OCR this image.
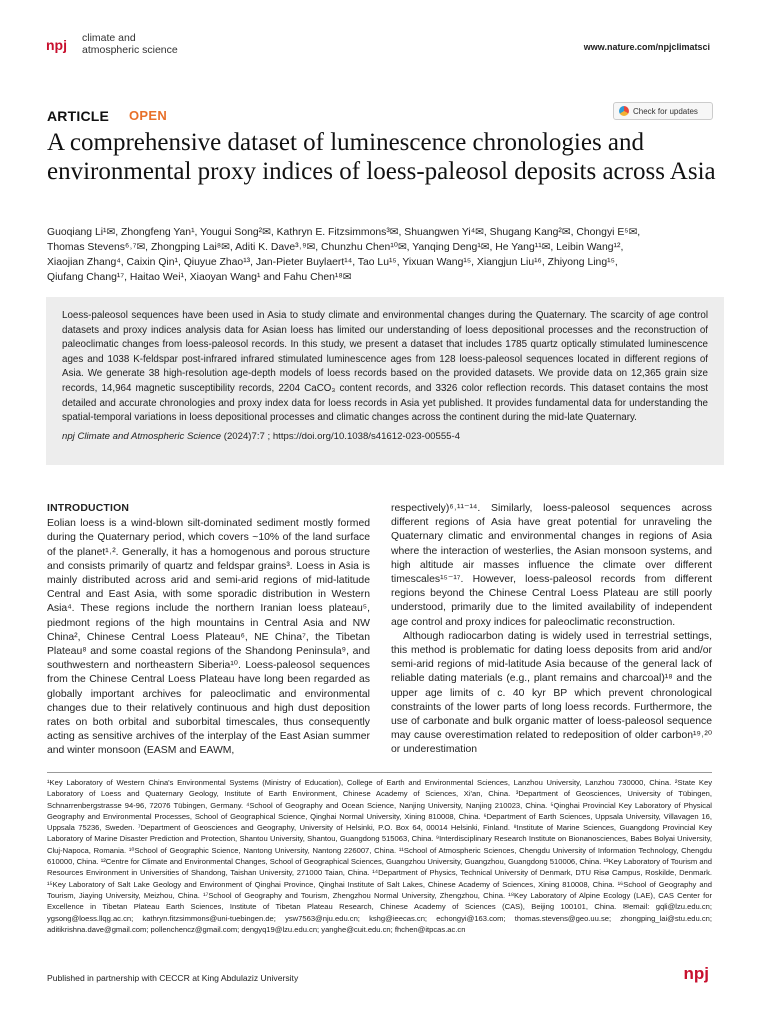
npj climate and
atmospheric science	www.nature.com/npjclimatsci
ARTICLE OPEN	Check for updates
A comprehensive dataset of luminescence chronologies and environmental proxy indices of loess-paleosol deposits across Asia
Guoqiang Li¹✉, Zhongfeng Yan¹, Yougui Song²✉, Kathryn E. Fitzsimmons³✉, Shuangwen Yi⁴✉, Shugang Kang²✉, Chongyi E⁵✉,
Thomas Stevens⁶˒⁷✉, Zhongping Lai⁸✉, Aditi K. Dave³˒⁹✉, Chunzhu Chen¹⁰✉, Yanqing Deng¹✉, He Yang¹¹✉, Leibin Wang¹²,
Xiaojian Zhang⁴, Caixin Qin¹, Qiuyue Zhao¹³, Jan-Pieter Buylaert¹⁴, Tao Lu¹⁵, Yixuan Wang¹⁵, Xiangjun Liu¹⁶, Zhiyong Ling¹⁵,
Qiufang Chang¹⁷, Haitao Wei¹, Xiaoyan Wang¹ and Fahu Chen¹⁸✉
Loess-paleosol sequences have been used in Asia to study climate and environmental changes during the Quaternary. The scarcity of age control datasets and proxy indices analysis data for Asian loess has limited our understanding of loess depositional processes and the reconstruction of paleoclimatic changes from loess-paleosol records. In this study, we present a dataset that includes 1785 quartz optically stimulated luminescence ages and 1038 K-feldspar post-infrared infrared stimulated luminescence ages from 128 loess-paleosol sequences located in different regions of Asia. We generate 38 high-resolution age-depth models of loess records based on the provided datasets. We provide data on 12,365 grain size records, 14,964 magnetic susceptibility records, 2204 CaCO₃ content records, and 3326 color reflection records. This dataset contains the most detailed and accurate chronologies and proxy index data for loess records in Asia yet published. It provides fundamental data for understanding the spatial-temporal variations in loess depositional processes and climatic changes across the continent during the mid-late Quaternary.
npj Climate and Atmospheric Science (2024)7:7 ; https://doi.org/10.1038/s41612-023-00555-4
INTRODUCTION

Eolian loess is a wind-blown silt-dominated sediment mostly formed during the Quaternary period, which covers ~10% of the land surface of the planet¹˒². Generally, it has a homogenous and porous structure and consists primarily of quartz and feldspar grains³. Loess in Asia is mainly distributed across arid and semi-arid regions of mid-latitude Central and East Asia, with some sporadic distribution in Western Asia⁴. These regions include the northern Iranian loess plateau⁵, piedmont regions of the high mountains in Central Asia and NW China², Chinese Central Loess Plateau⁶, NE China⁷, the Tibetan Plateau⁸ and some coastal regions of the Shandong Peninsula⁹, and southwestern and northeastern Siberia¹⁰. Loess-paleosol sequences from the Chinese Central Loess Plateau have long been regarded as globally important archives for paleoclimatic and environmental changes due to their relatively continuous and high dust deposition rates on both orbital and suborbital timescales, thus consequently acting as sensitive archives of the interplay of the East Asian summer and winter monsoon (EASM and EAWM,

respectively)⁶˒¹¹⁻¹⁴. Similarly, loess-paleosol sequences across different regions of Asia have great potential for unraveling the Quaternary climatic and environmental changes in regions of Asia where the interaction of westerlies, the Asian monsoon systems, and high altitude air masses influence the climate over different timescales¹⁵⁻¹⁷. However, loess-paleosol records from different regions beyond the Chinese Central Loess Plateau are still poorly understood, primarily due to the limited availability of independent age control and proxy indices for paleoclimatic reconstruction.

Although radiocarbon dating is widely used in terrestrial settings, this method is problematic for dating loess deposits from arid and/or semi-arid regions of mid-latitude Asia because of the general lack of reliable dating materials (e.g., plant remains and charcoal)¹⁸ and the upper age limits of c. 40 kyr BP which prevent chronological constraints of the lower parts of long loess records. Furthermore, the use of carbonate and bulk organic matter of loess-paleosol sequence may cause overestimation related to redeposition of older carbon¹⁹˒²⁰ or underestimation

¹Key Laboratory of Western China's Environmental Systems (Ministry of Education), College of Earth and Environmental Sciences, Lanzhou University, Lanzhou 730000, China. ²State Key Laboratory of Loess and Quaternary Geology, Institute of Earth Environment, Chinese Academy of Sciences, Xi'an, China. ³Department of Geosciences, University of Tübingen, Schnarrenbergstrasse 94-96, 72076 Tübingen, Germany. ⁴School of Geography and Ocean Science, Nanjing University, Nanjing 210023, China. ⁵Qinghai Provincial Key Laboratory of Physical Geography and Environmental Processes, School of Geographical Science, Qinghai Normal University, Xining 810008, China. ⁶Department of Earth Sciences, Uppsala University, Villavagen 16, Uppsala 75236, Sweden. ⁷Department of Geosciences and Geography, University of Helsinki, P.O. Box 64, 00014 Helsinki, Finland. ⁸Institute of Marine Sciences, Guangdong Provincial Key Laboratory of Marine Disaster Prediction and Protection, Shantou University, Shantou, Guangdong 515063, China. ⁹Interdisciplinary Research Institute on Bionanosciences, Babes Bolyai University, Cluj-Napoca, Romania. ¹⁰School of Geographic Science, Nantong University, Nantong 226007, China. ¹¹School of Atmospheric Sciences, Chengdu University of Information Technology, Chengdu 610000, China. ¹²Centre for Climate and Environmental Changes, School of Geographical Sciences, Guangzhou University, Guangzhou, Guangdong 510006, China. ¹³Key Laboratory of Tourism and Resources Environment in Universities of Shandong, Taishan University, 271000 Taian, China. ¹⁴Department of Physics, Technical University of Denmark, DTU Risø Campus, Roskilde, Denmark. ¹⁵Key Laboratory of Salt Lake Geology and Environment of Qinghai Province, Qinghai Institute of Salt Lakes, Chinese Academy of Sciences, Xining 810008, China. ¹⁶School of Geography and Tourism, Jiaying University, Meizhou, China. ¹⁷School of Geography and Tourism, Zhengzhou Normal University, Zhengzhou, China. ¹⁸Key Laboratory of Alpine Ecology (LAE), CAS Center for Excellence in Tibetan Plateau Earth Sciences, Institute of Tibetan Plateau Research, Chinese Academy of Sciences (CAS), Beijing 100101, China. ✉email: gqli@lzu.edu.cn; ygsong@loess.llqg.ac.cn; kathryn.fitzsimmons@uni-tuebingen.de; ysw7563@nju.edu.cn; kshg@ieecas.cn; echongyi@163.com; thomas.stevens@geo.uu.se; zhongping_lai@stu.edu.cn; aditikrishna.dave@gmail.com; pollenchencz@gmail.com; dengyq19@lzu.edu.cn; yanghe@cuit.edu.cn; fhchen@itpcas.ac.cn
Published in partnership with CECCR at King Abdulaziz University	npj
